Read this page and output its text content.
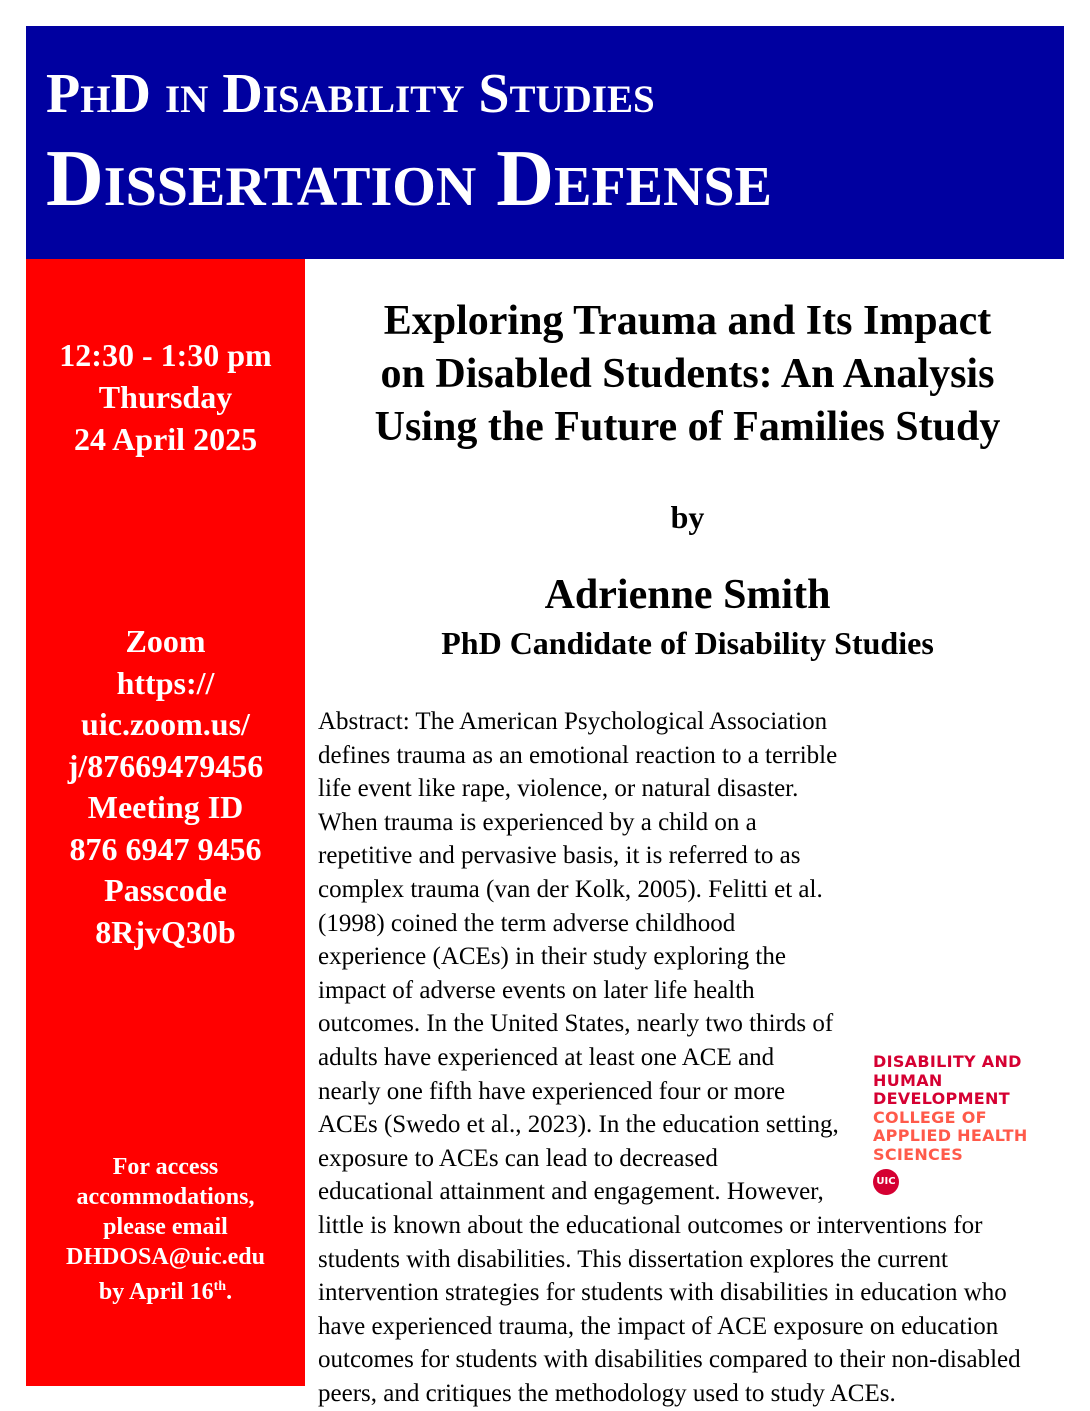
PhD in Disability Studies
Dissertation Defense
12:30 - 1:30 pm
Thursday
24 April 2025
Zoom
https://
uic.zoom.us/
j/87669479456
Meeting ID
876 6947 9456
Passcode
8RjvQ30b
For access
accommodations,
please email
DHDOSA@uic.edu
by April 16th.
Exploring Trauma and Its Impact
on Disabled Students: An Analysis
Using the Future of Families Study
by
Adrienne Smith
PhD Candidate of Disability Studies
DISABILITY AND
HUMAN
DEVELOPMENT
COLLEGE OF
APPLIED HEALTH
SCIENCES
UIC
Abstract: The American Psychological Association defines trauma as an emotional reaction to a terrible life event like rape, violence, or natural disaster. When trauma is experienced by a child on a repetitive and pervasive basis, it is referred to as complex trauma (van der Kolk, 2005). Felitti et al. (1998) coined the term adverse childhood experience (ACEs) in their study exploring the impact of adverse events on later life health outcomes. In the United States, nearly two thirds of adults have experienced at least one ACE and nearly one fifth have experienced four or more ACEs (Swedo et al., 2023). In the education setting, exposure to ACEs can lead to decreased educational attainment and engagement. However, little is known about the educational outcomes or interventions for students with disabilities. This dissertation explores the current intervention strategies for students with disabilities in education who have experienced trauma, the impact of ACE exposure on education outcomes for students with disabilities compared to their non-disabled peers, and critiques the methodology used to study ACEs.
